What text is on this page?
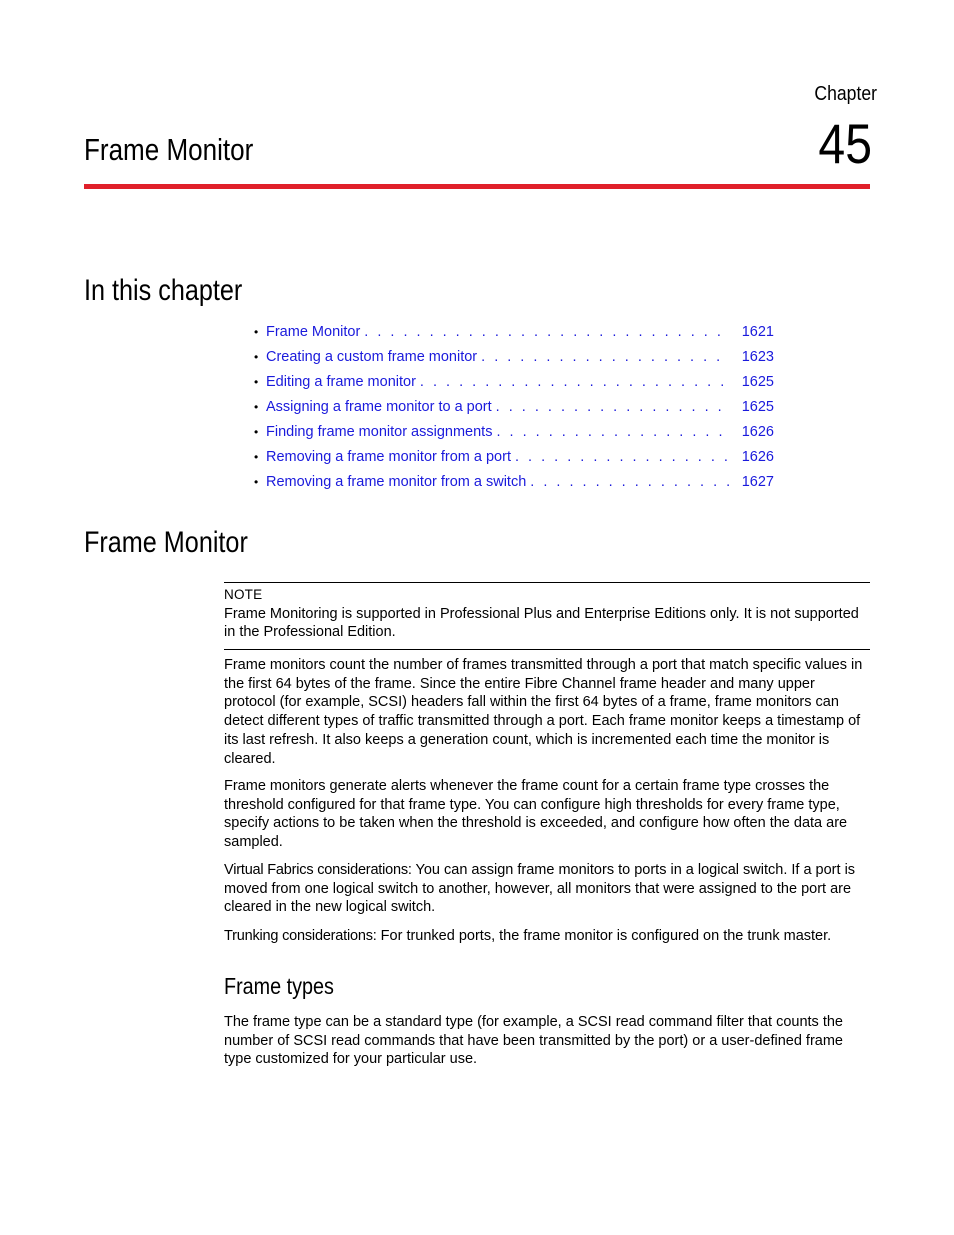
Chapter
45
Frame Monitor
In this chapter
• Frame Monitor . . .	1621
• Creating a custom frame monitor . . .	1623
• Editing a frame monitor . . .	1625
• Assigning a frame monitor to a port . . .	1625
• Finding frame monitor assignments . . .	1626
• Removing a frame monitor from a port . . .	1626
• Removing a frame monitor from a switch . . .	1627
Frame Monitor
NOTE
Frame Monitoring is supported in Professional Plus and Enterprise Editions only. It is not supported in the Professional Edition.

Frame monitors count the number of frames transmitted through a port that match specific values in the first 64 bytes of the frame. Since the entire Fibre Channel frame header and many upper protocol (for example, SCSI) headers fall within the first 64 bytes of a frame, frame monitors can detect different types of traffic transmitted through a port. Each frame monitor keeps a timestamp of its last refresh. It also keeps a generation count, which is incremented each time the monitor is cleared.

Frame monitors generate alerts whenever the frame count for a certain frame type crosses the threshold configured for that frame type. You can configure high thresholds for every frame type, specify actions to be taken when the threshold is exceeded, and configure how often the data are sampled.

Virtual Fabrics considerations: You can assign frame monitors to ports in a logical switch. If a port is moved from one logical switch to another, however, all monitors that were assigned to the port are cleared in the new logical switch.

Trunking considerations: For trunked ports, the frame monitor is configured on the trunk master.

Frame types

The frame type can be a standard type (for example, a SCSI read command filter that counts the number of SCSI read commands that have been transmitted by the port) or a user-defined frame type customized for your particular use.
